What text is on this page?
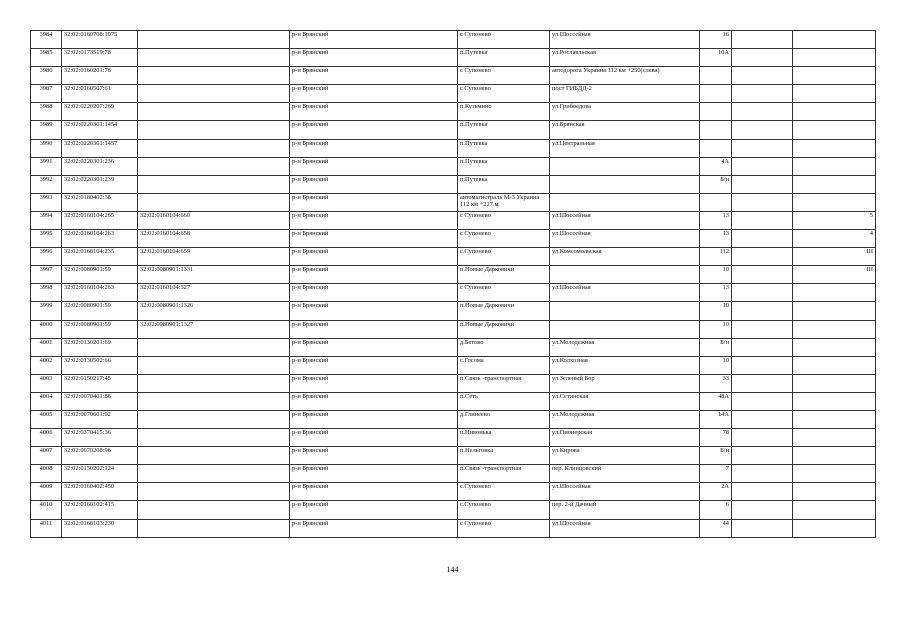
3984	32:02:0160708:1075		р-н Брянский		с Супонево	ул.Шоссейная	16		
3985	32:02:0173519:78		р-н Брянский		п.Путевка	ул.Рославльская	10А		
3986	32:02:0160201:76		р-н Брянский		с Супонево	автодорога Украина 112 км +250(слева)			
3987	32:02:0160507:61		р-н Брянский		с Супонево	пост ГИБДД-2			
3988	32:02:0220207:269		р-н Брянский		п.Кузьмино	ул.Грибоедова			
3989	32:02:0220301:1454		р-н Брянский		п.Путевка	ул.Брянская			
3990	32:02:0220301:1457		р-н Брянский		п.Путевка	ул.Центральная			
3991	32:02:0220301:236		р-н Брянский		п.Путевка		4А		
3992	32:02:0220301:239		р-н Брянский		п.Путевка		Б/н		
3993	32:02:0180402:38		р-н Брянский		автомагистраль М-3 Украина 112 км +227 м				
3994	32:02:0160104:265	32:02:0160104:660	р-н Брянский		с Супонево	ул.Шоссейная	13		5
3995	32:02:0160104:263	32:02:0160104:658	р-н Брянский		с Супонево	ул.Шоссейная	13		4
3996	32:02:0160104:235	32:02:0160104:659	р-н Брянский		с.Супонево	ул.Комсомольская	112		III
3997	32:02:0080901:59	32:02:0080901:1331	р-н Брянский		п.Новые Дарковичи		10		III
3998	32:02:0160104:263	32:02:0160104:527	р-н Брянский		с Супонево	ул.Шоссейная	13		
3999	32:02:0080901:59	32:02:0080901:1326	р-н Брянский		п.Новые Дарковичи		10		
4000	32:02:0080901:59	32:02:0080901:1327	р-н Брянский		п.Новые Дарковичи		10		
4001	32:02:0130201:69		р-н Брянский		д.Бетово	ул.Молодежная	Б/н		
4002	32:02:0130502:66		р-н Брянский		с.Госома	ул.Колхозная	10		
4003	32:02:0150217:45		р-н Брянский		п.Связь -транспортная	ул.Зеленый Бор	33		
4004	32:02:0070401:86		р-н Брянский		п.Сеть	ул.Сетинская	48А		
4005	32:02:0070601:92		р-н Брянский		д.Глинеево	ул.Молодежная	14А		
4006	32:02:0370415:36		р-н Брянский		п.Нивонька	ул.Пионерская	78		
4007	32:02:0070208:96		р-н Брянский		п.Нельговка	ул.Кирова	Б/н		
4008	32:02:0150202:124		р-н Брянский		п.Связь -транспортная	пер. Клинцовский	7		
4009	32:02:0160402:450		р-н Брянский		с.Супонево	ул.Шоссейная	2А		
4010	32:02:0160102:415		р-н Брянский		с.Супонево	пер. 2-й Дачный	6		
4011	32:02:0160103:230		р-н Брянский		с Супонево	ул.Шоссейная	44		
144
